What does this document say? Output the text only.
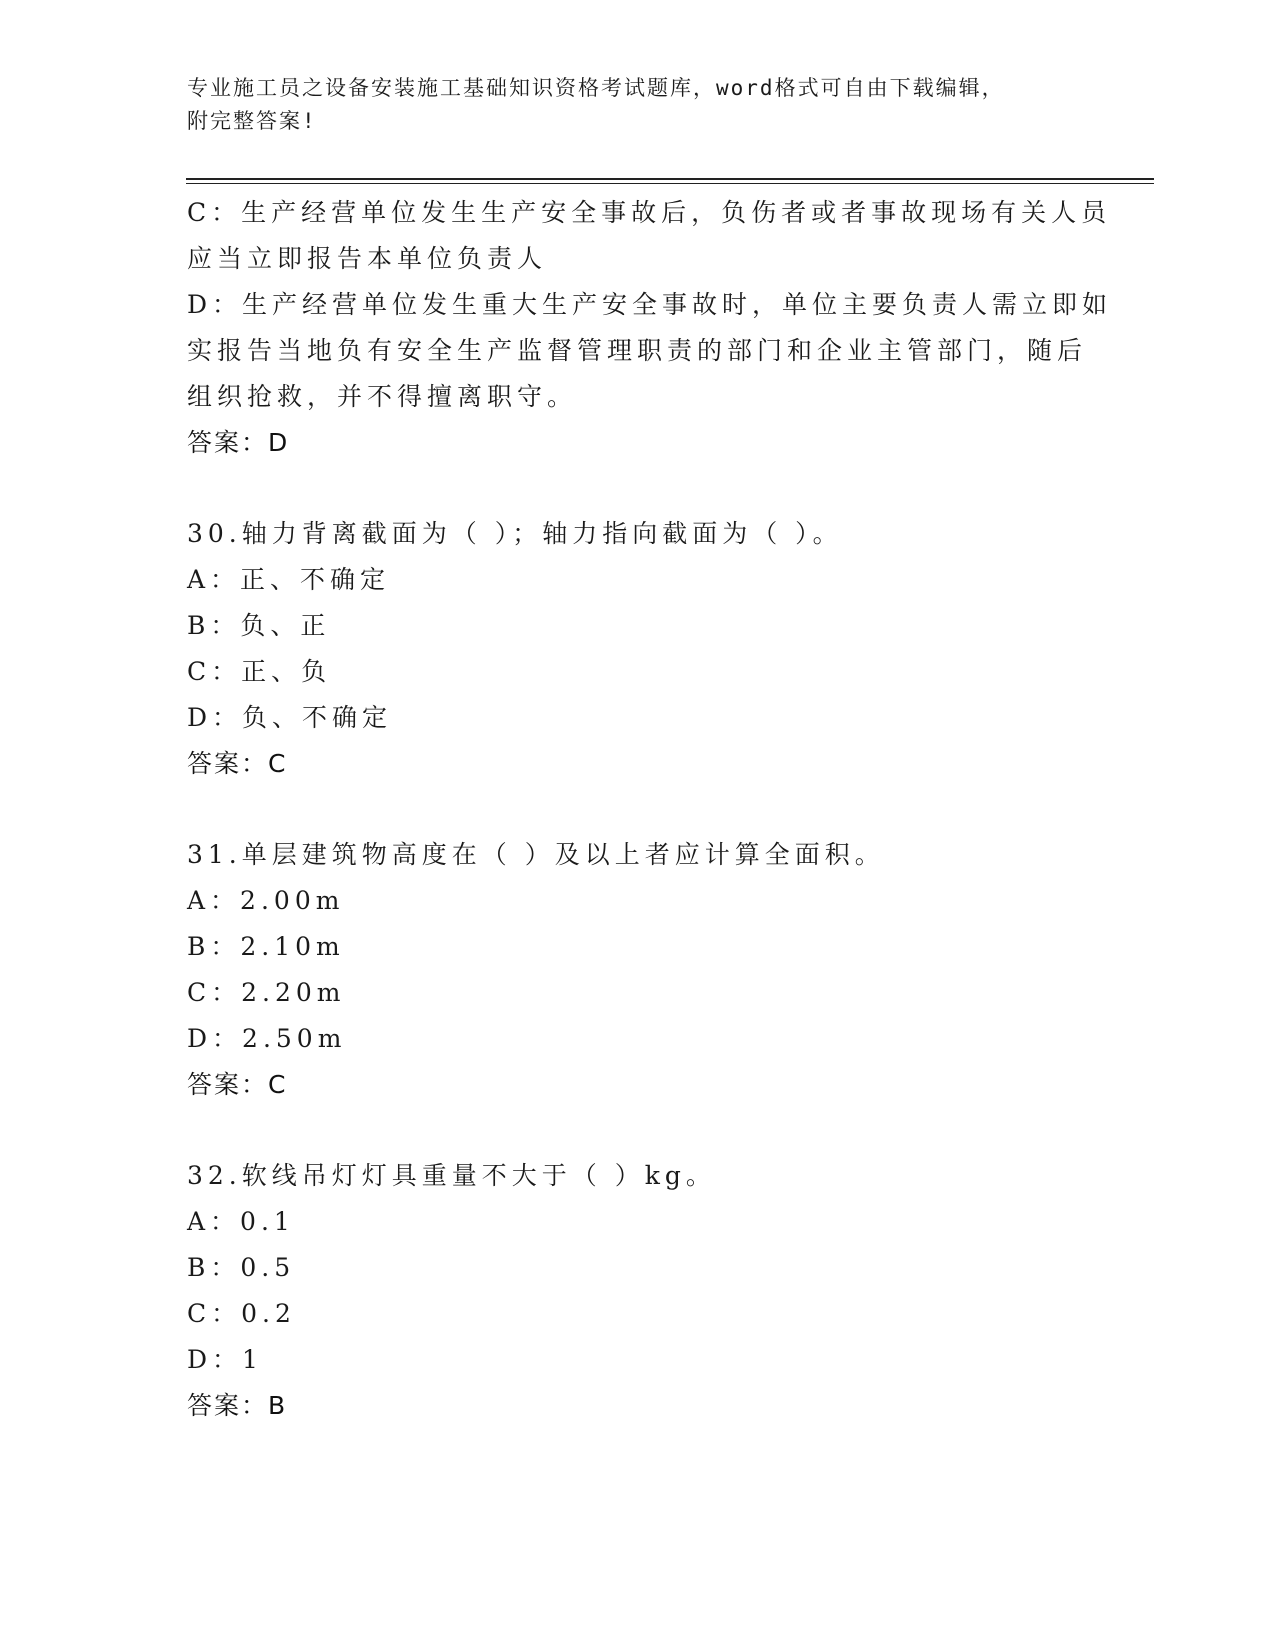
专业施工员之设备安装施工基础知识资格考试题库，word格式可自由下载编辑，
附完整答案!
C：生产经营单位发生生产安全事故后，负伤者或者事故现场有关人员
应当立即报告本单位负责人
D：生产经营单位发生重大生产安全事故时，单位主要负责人需立即如
实报告当地负有安全生产监督管理职责的部门和企业主管部门，随后
组织抢救，并不得擅离职守。
答案：D
30.轴力背离截面为（ ）；轴力指向截面为（ ）。
A：正、不确定
B：负、正
C：正、负
D：负、不确定
答案：C
31.单层建筑物高度在（ ）及以上者应计算全面积。
A：2.00m
B：2.10m
C：2.20m
D：2.50m
答案：C
32.软线吊灯灯具重量不大于（ ）kg。
A：0.1
B：0.5
C：0.2
D：1
答案：B
